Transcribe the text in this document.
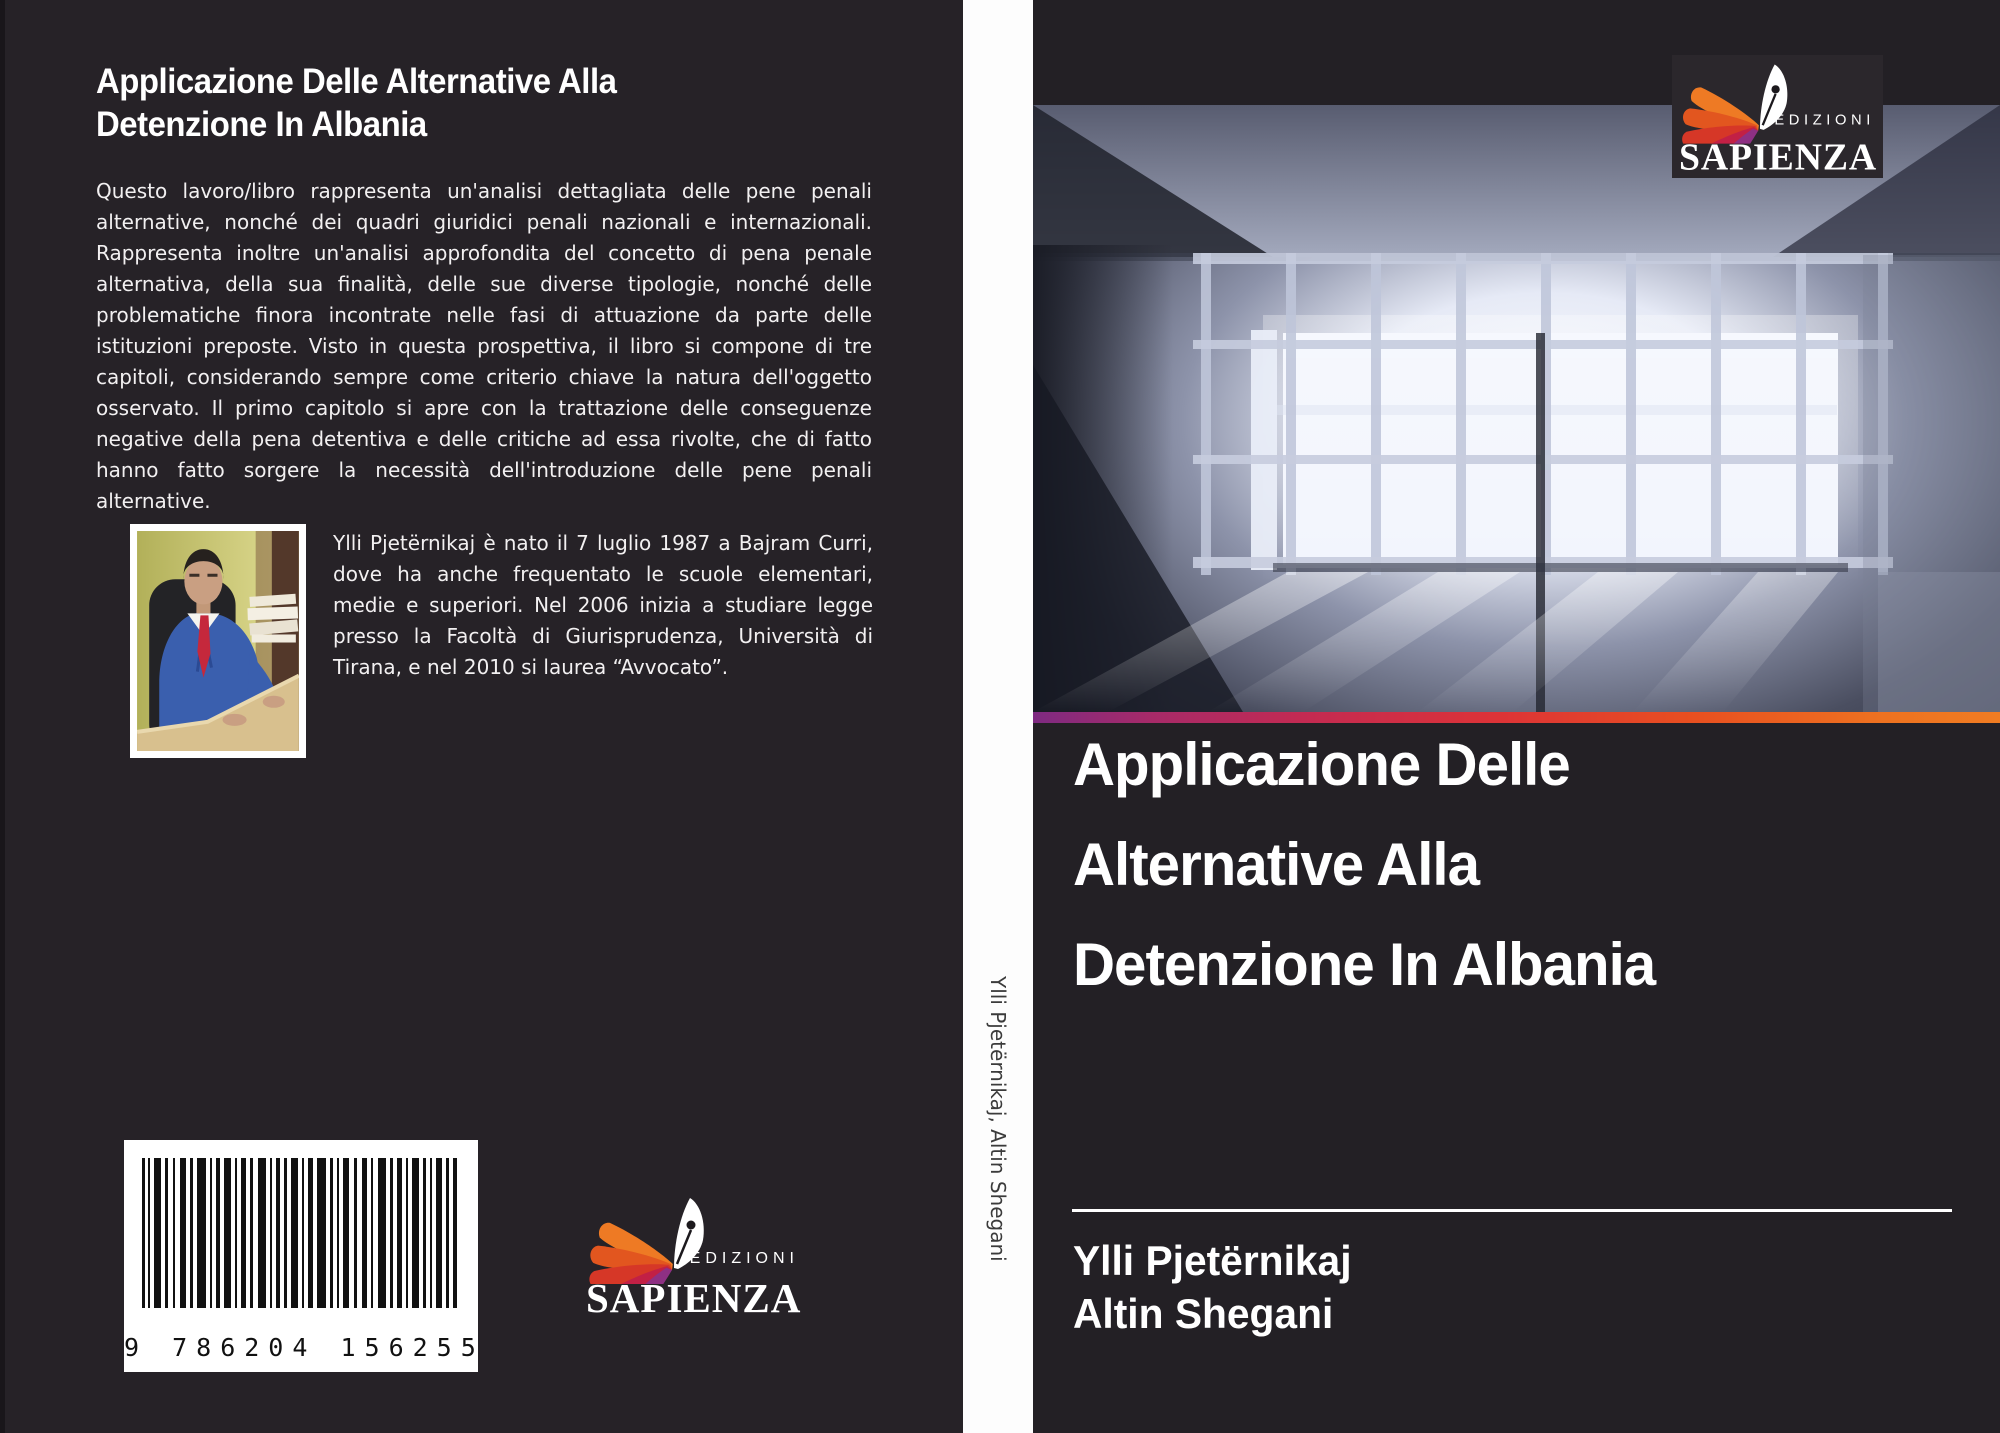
Applicazione Delle Alternative Alla
Detenzione In Albania
Questo lavoro/libro rappresenta un'analisi dettagliata delle pene penali alternative, nonché dei quadri giuridici penali nazionali e internazionali. Rappresenta inoltre un'analisi approfondita del concetto di pena penale alternativa, della sua finalità, delle sue diverse tipologie, nonché delle problematiche finora incontrate nelle fasi di attuazione da parte delle istituzioni preposte. Visto in questa prospettiva, il libro si compone di tre capitoli, considerando sempre come criterio chiave la natura dell'oggetto osservato. Il primo capitolo si apre con la trattazione delle conseguenze negative della pena detentiva e delle critiche ad essa rivolte, che di fatto hanno fatto sorgere la necessità dell'introduzione delle pene penali alternative.
Ylli Pjetërnikaj è nato il 7 luglio 1987 a Bajram Curri, dove ha anche frequentato le scuole elementari, medie e superiori. Nel 2006 inizia a studiare legge presso la Facoltà di Giurisprudenza, Università di Tirana, e nel 2010 si laurea “Avvocato”.
9 786204 156255
EDIZIONI
SAPIENZA
Ylli Pjetërnikaj, Altin Shegani
EDIZIONI
SAPIENZA
Applicazione Delle
Alternative Alla
Detenzione In Albania
Ylli Pjetërnikaj
Altin Shegani
